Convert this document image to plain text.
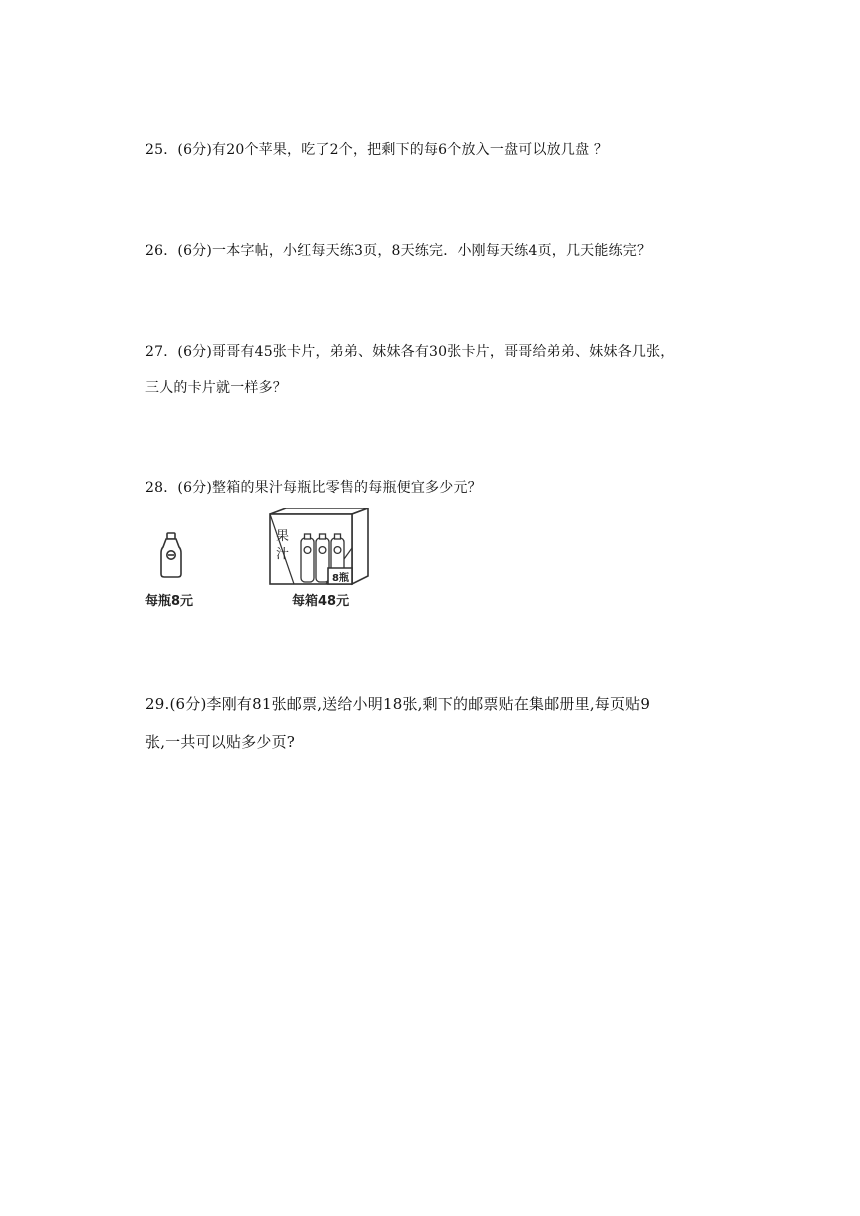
25．(6分)有20个苹果，吃了2个，把剩下的每6个放入一盘可以放几盘 ？
26．(6分)一本字帖，小红每天练3页，8天练完．小刚每天练4页，几天能练完？
27．(6分)哥哥有45张卡片，弟弟、妹妹各有30张卡片，哥哥给弟弟、妹妹各几张，
三人的卡片就一样多？
28．(6分)整箱的果汁每瓶比零售的每瓶便宜多少元？
每瓶8元
果
汁
8瓶
每箱48元
29.(6分)李刚有81张邮票,送给小明18张,剩下的邮票贴在集邮册里,每页贴9
张,一共可以贴多少页?
